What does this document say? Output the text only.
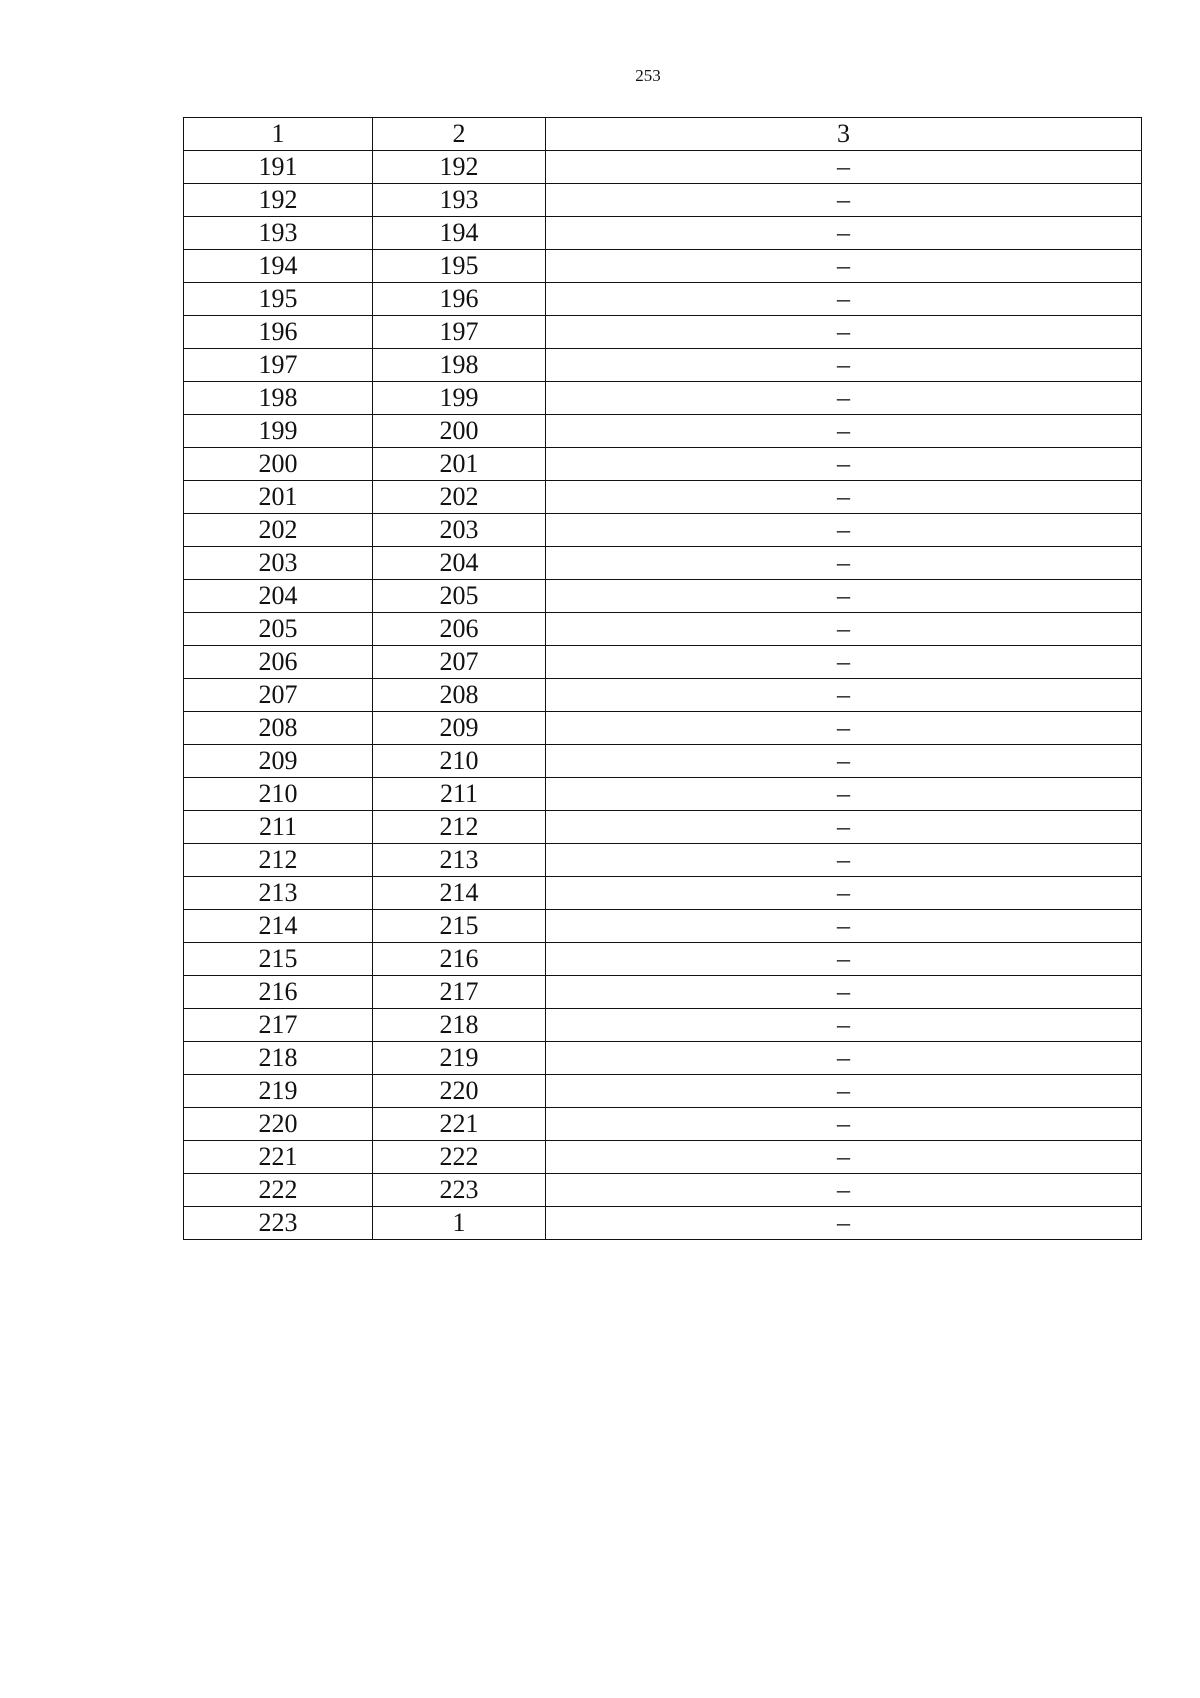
253
1	2	3
191	192	–
192	193	–
193	194	–
194	195	–
195	196	–
196	197	–
197	198	–
198	199	–
199	200	–
200	201	–
201	202	–
202	203	–
203	204	–
204	205	–
205	206	–
206	207	–
207	208	–
208	209	–
209	210	–
210	211	–
211	212	–
212	213	–
213	214	–
214	215	–
215	216	–
216	217	–
217	218	–
218	219	–
219	220	–
220	221	–
221	222	–
222	223	–
223	1	–
